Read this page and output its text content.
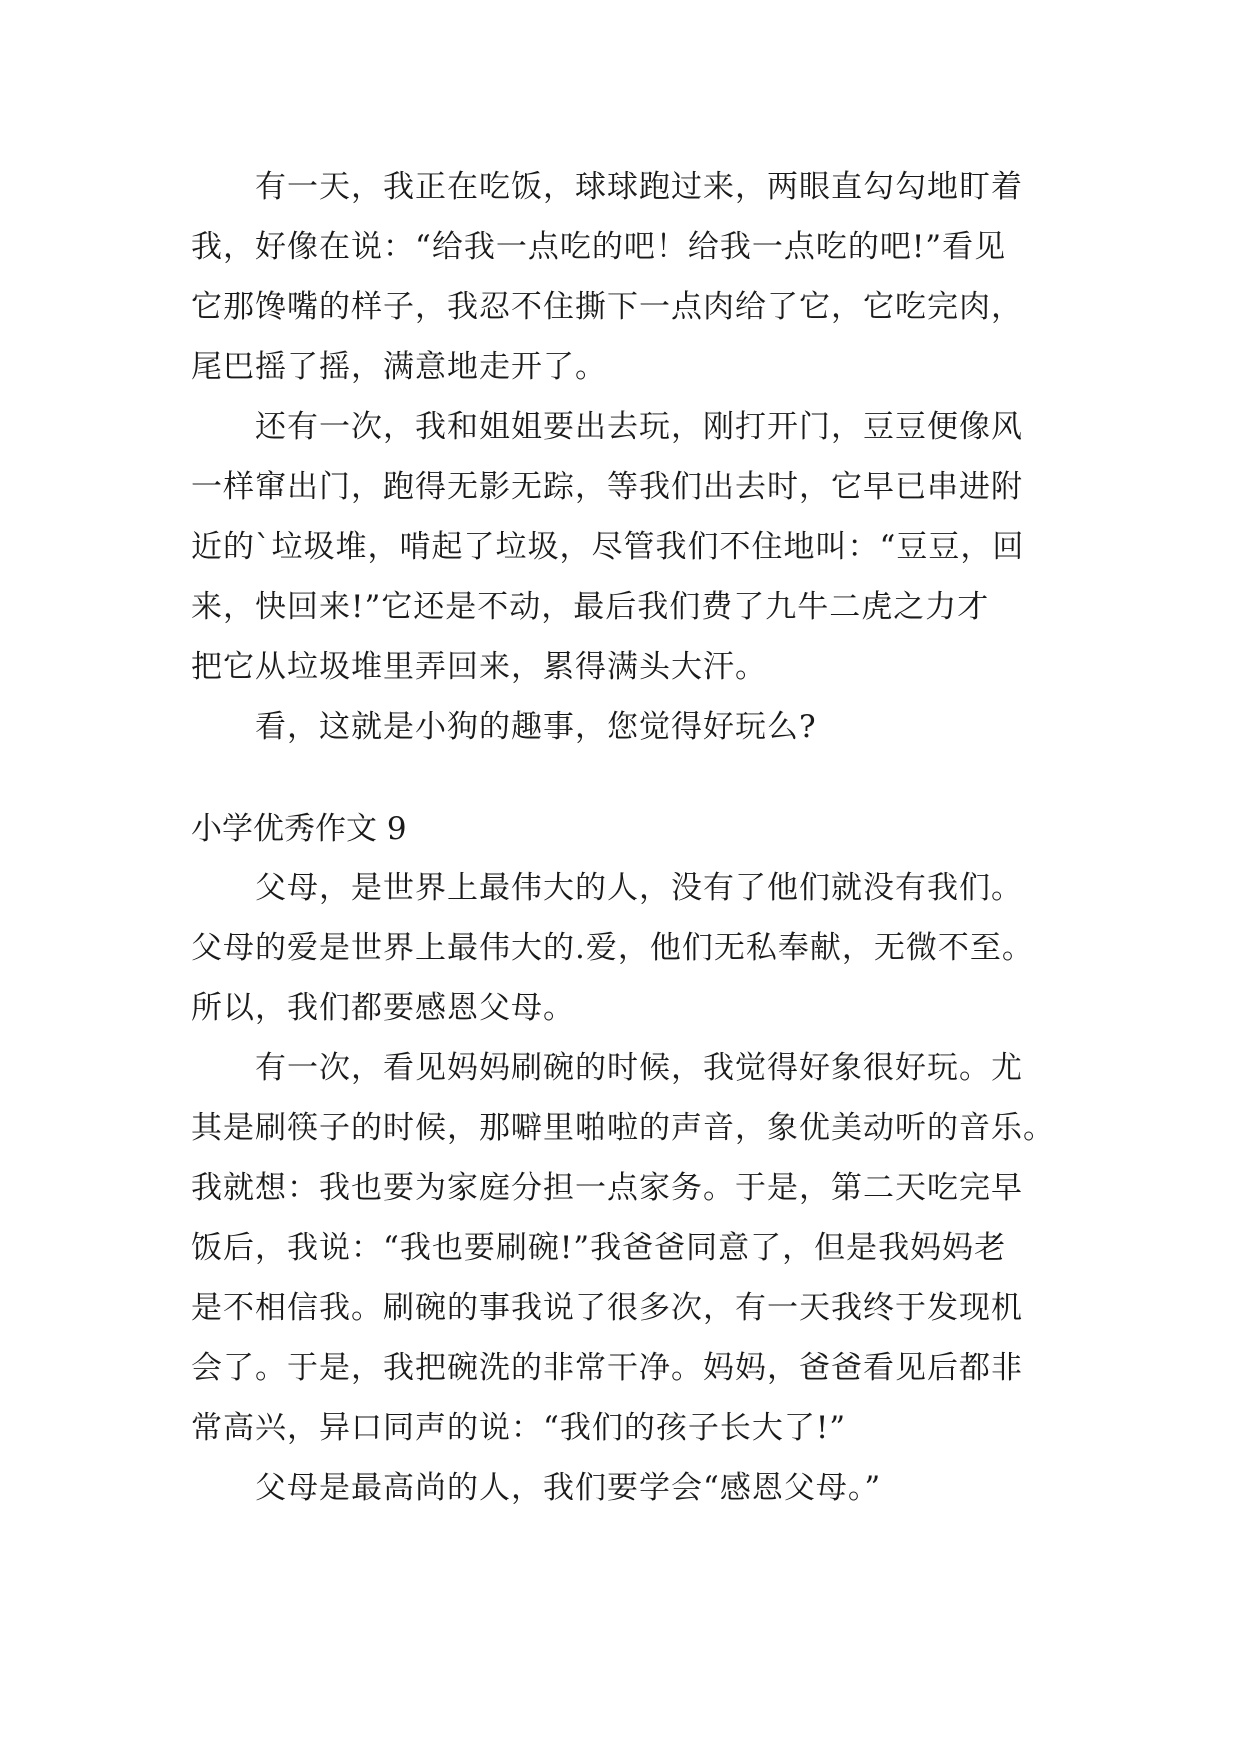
有一天，我正在吃饭，球球跑过来，两眼直勾勾地盯着
我，好像在说：“给我一点吃的吧！给我一点吃的吧!”看见
它那馋嘴的样子，我忍不住撕下一点肉给了它，它吃完肉，
尾巴摇了摇，满意地走开了。
还有一次，我和姐姐要出去玩，刚打开门，豆豆便像风
一样窜出门，跑得无影无踪，等我们出去时，它早已串进附
近的`垃圾堆，啃起了垃圾，尽管我们不住地叫：“豆豆，回
来，快回来!”它还是不动，最后我们费了九牛二虎之力才
把它从垃圾堆里弄回来，累得满头大汗。
看，这就是小狗的趣事，您觉得好玩么?
小学优秀作文 9
父母，是世界上最伟大的人，没有了他们就没有我们。
父母的爱是世界上最伟大的.爱，他们无私奉献，无微不至。
所以，我们都要感恩父母。
有一次，看见妈妈刷碗的时候，我觉得好象很好玩。尤
其是刷筷子的时候，那噼里啪啦的声音，象优美动听的音乐。
我就想：我也要为家庭分担一点家务。于是，第二天吃完早
饭后，我说：“我也要刷碗!”我爸爸同意了，但是我妈妈老
是不相信我。刷碗的事我说了很多次，有一天我终于发现机
会了。于是，我把碗洗的非常干净。妈妈，爸爸看见后都非
常高兴，异口同声的说：“我们的孩子长大了!”
父母是最高尚的人，我们要学会“感恩父母。”
